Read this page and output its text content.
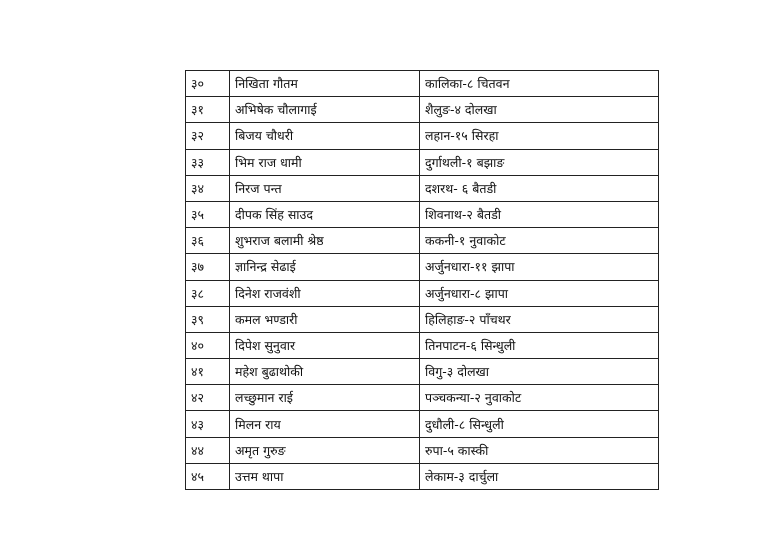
३०	निखिता गौतम	कालिका-८ चितवन
३१	अभिषेक चौलागाई	शैलुङ-४ दोलखा
३२	बिजय चौधरी	लहान-१५ सिरहा
३३	भिम राज धामी	दुर्गाथली-१ बझाङ
३४	निरज पन्त	दशरथ- ६ बैतडी
३५	दीपक सिंह साउद	शिवनाथ-२ बैतडी
३६	शुभराज बलामी श्रेष्ठ	ककनी-१ नुवाकोट
३७	ज्ञानिन्द्र सेढाई	अर्जुनधारा-११ झापा
३८	दिनेश राजवंशी	अर्जुनधारा-८ झापा
३९	कमल भण्डारी	हिलिहाङ-२ पाँचथर
४०	दिपेश सुनुवार	तिनपाटन-६ सिन्धुली
४१	महेश बुढाथोकी	विगु-३ दोलखा
४२	लच्छुमान राई	पञ्चकन्या-२ नुवाकोट
४३	मिलन राय	दुधौली-८ सिन्धुली
४४	अमृत गुरुङ	रुपा-५ कास्की
४५	उत्तम थापा	लेकाम-३ दार्चुला
